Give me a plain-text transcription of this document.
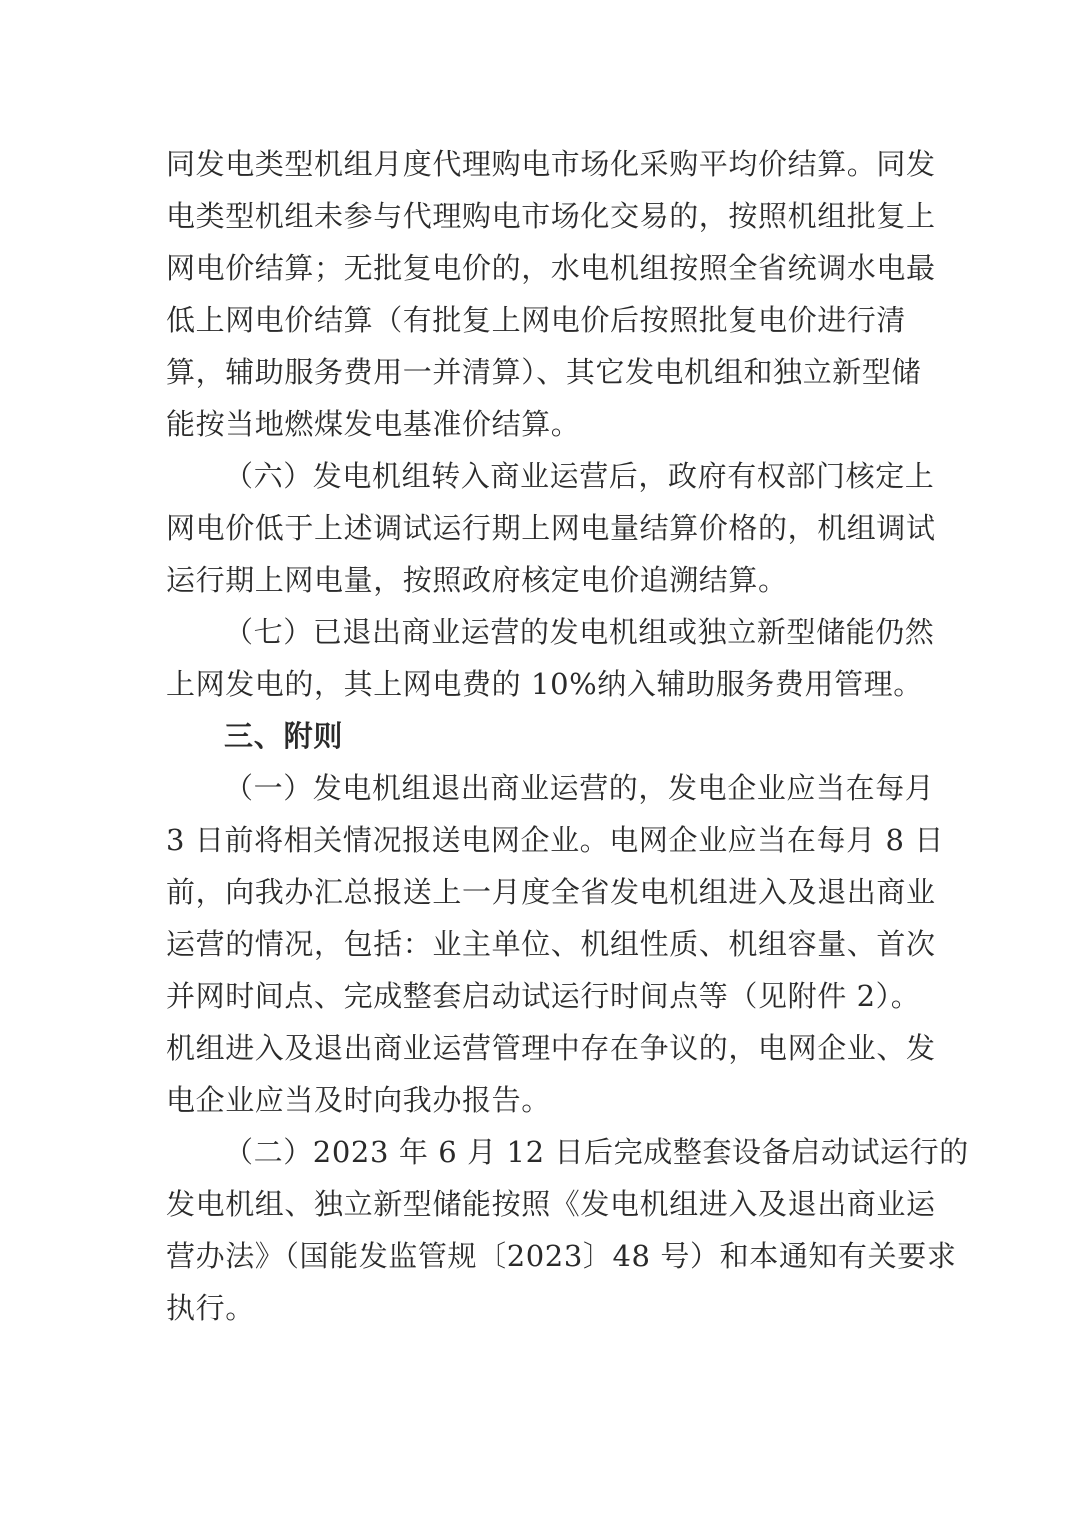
同发电类型机组月度代理购电市场化采购平均价结算。同发
电类型机组未参与代理购电市场化交易的，按照机组批复上
网电价结算；无批复电价的，水电机组按照全省统调水电最
低上网电价结算（有批复上网电价后按照批复电价进行清
算，辅助服务费用一并清算）、其它发电机组和独立新型储
能按当地燃煤发电基准价结算。
（六）发电机组转入商业运营后，政府有权部门核定上
网电价低于上述调试运行期上网电量结算价格的，机组调试
运行期上网电量，按照政府核定电价追溯结算。
（七）已退出商业运营的发电机组或独立新型储能仍然
上网发电的，其上网电费的 10%纳入辅助服务费用管理。
三、附则
（一）发电机组退出商业运营的，发电企业应当在每月
3 日前将相关情况报送电网企业。电网企业应当在每月 8 日
前，向我办汇总报送上一月度全省发电机组进入及退出商业
运营的情况，包括：业主单位、机组性质、机组容量、首次
并网时间点、完成整套启动试运行时间点等（见附件 2）。
机组进入及退出商业运营管理中存在争议的，电网企业、发
电企业应当及时向我办报告。
（二）2023 年 6 月 12 日后完成整套设备启动试运行的
发电机组、独立新型储能按照《发电机组进入及退出商业运
营办法》（国能发监管规〔2023〕48 号）和本通知有关要求
执行。
